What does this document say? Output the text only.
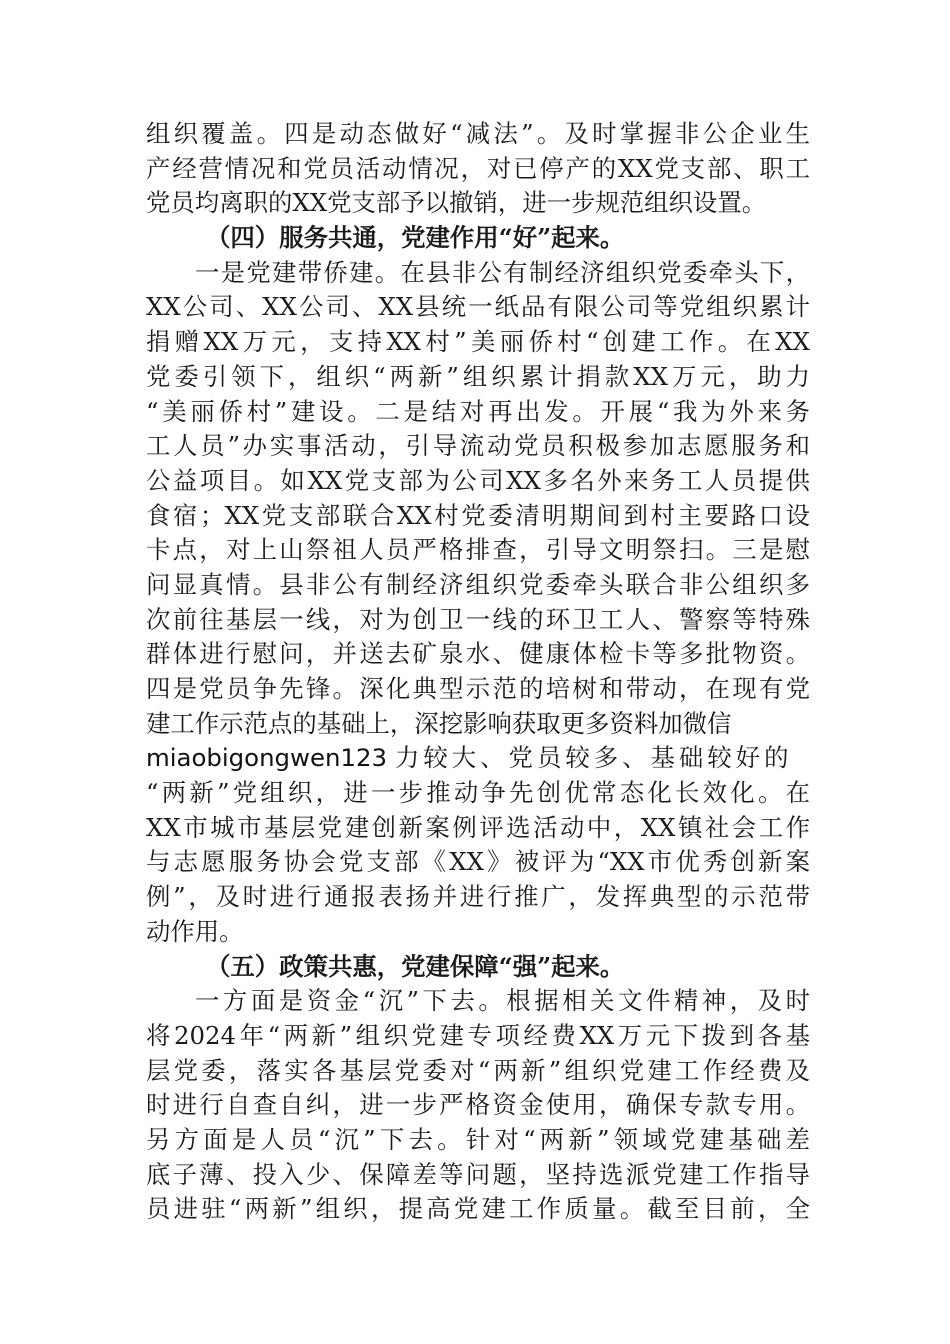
组织覆盖。四是动态做好“减法”。及时掌握非公企业生
产经营情况和党员活动情况，对已停产的XX党支部、职工
党员均离职的XX党支部予以撤销，进一步规范组织设置。
（四）服务共通，党建作用“好”起来。
一是党建带侨建。在县非公有制经济组织党委牵头下，
XX公司、XX公司、XX县统一纸品有限公司等党组织累计
捐赠XX万元，支持XX村”美丽侨村“创建工作。在XX
党委引领下，组织“两新”组织累计捐款XX万元，助力
“美丽侨村”建设。二是结对再出发。开展“我为外来务
工人员”办实事活动，引导流动党员积极参加志愿服务和
公益项目。如XX党支部为公司XX多名外来务工人员提供
食宿；XX党支部联合XX村党委清明期间到村主要路口设
卡点，对上山祭祖人员严格排查，引导文明祭扫。三是慰
问显真情。县非公有制经济组织党委牵头联合非公组织多
次前往基层一线，对为创卫一线的环卫工人、警察等特殊
群体进行慰问，并送去矿泉水、健康体检卡等多批物资。
四是党员争先锋。深化典型示范的培树和带动，在现有党
建工作示范点的基础上，深挖影响获取更多资料加微信
miaobigongwen123 力较大、党员较多、基础较好的
“两新”党组织，进一步推动争先创优常态化长效化。在
XX市城市基层党建创新案例评选活动中，XX镇社会工作
与志愿服务协会党支部《XX》被评为“XX市优秀创新案
例”，及时进行通报表扬并进行推广，发挥典型的示范带
动作用。
（五）政策共惠，党建保障“强”起来。
一方面是资金“沉”下去。根据相关文件精神，及时
将2024年“两新”组织党建专项经费XX万元下拨到各基
层党委，落实各基层党委对“两新”组织党建工作经费及
时进行自查自纠，进一步严格资金使用，确保专款专用。
另方面是人员“沉”下去。针对“两新”领域党建基础差
底子薄、投入少、保障差等问题，坚持选派党建工作指导
员进驻“两新”组织，提高党建工作质量。截至目前，全
